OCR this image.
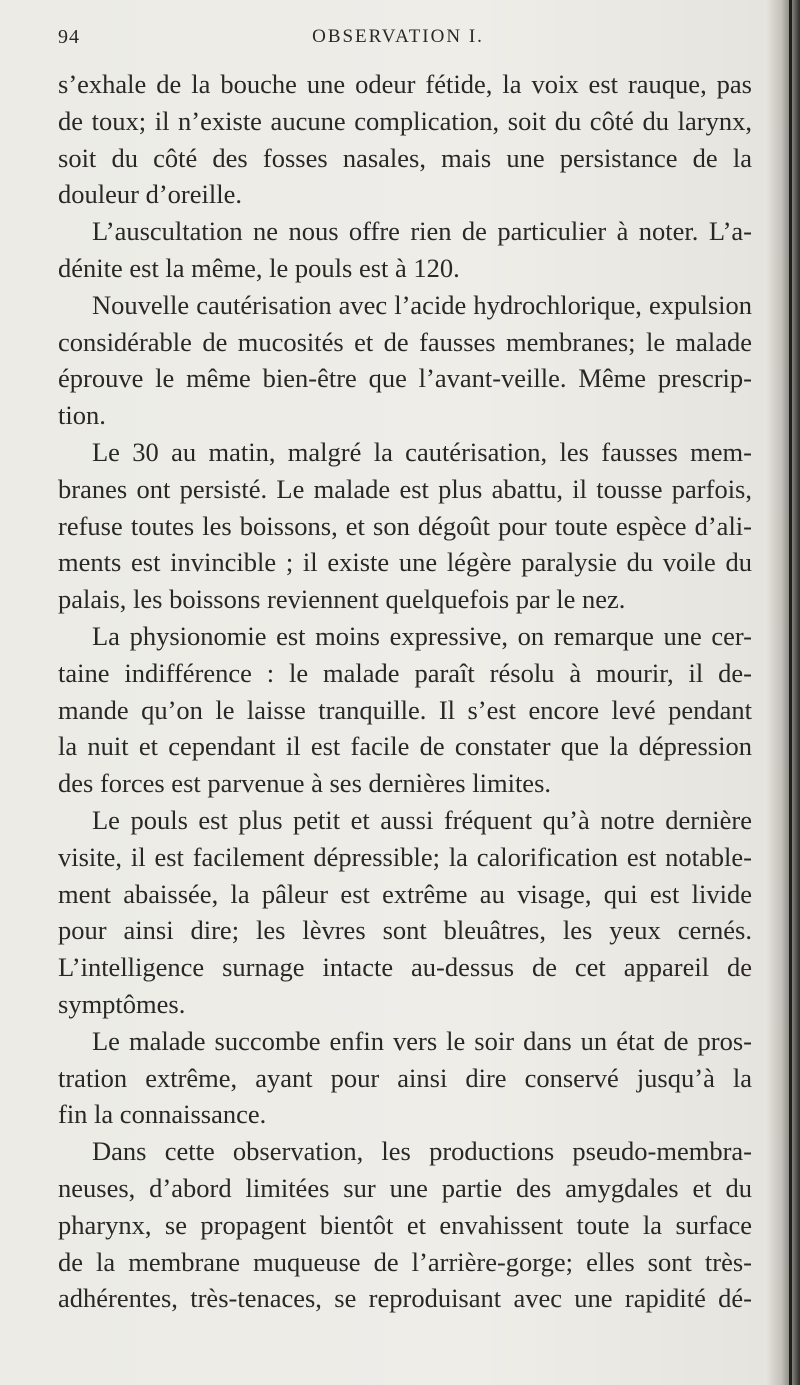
94	OBSERVATION I.
s’exhale de la bouche une odeur fétide, la voix est rauque, pas
de toux; il n’existe aucune complication, soit du côté du larynx,
soit du côté des fosses nasales, mais une persistance de la
douleur d’oreille.
L’auscultation ne nous offre rien de particulier à noter. L’a-
dénite est la même, le pouls est à 120.
Nouvelle cautérisation avec l’acide hydrochlorique, expulsion
considérable de mucosités et de fausses membranes; le malade
éprouve le même bien-être que l’avant-veille. Même prescrip-
tion.
Le 30 au matin, malgré la cautérisation, les fausses mem-
branes ont persisté. Le malade est plus abattu, il tousse parfois,
refuse toutes les boissons, et son dégoût pour toute espèce d’ali-
ments est invincible ; il existe une légère paralysie du voile du
palais, les boissons reviennent quelquefois par le nez.
La physionomie est moins expressive, on remarque une cer-
taine indifférence : le malade paraît résolu à mourir, il de-
mande qu’on le laisse tranquille. Il s’est encore levé pendant
la nuit et cependant il est facile de constater que la dépression
des forces est parvenue à ses dernières limites.
Le pouls est plus petit et aussi fréquent qu’à notre dernière
visite, il est facilement dépressible; la calorification est notable-
ment abaissée, la pâleur est extrême au visage, qui est livide
pour ainsi dire; les lèvres sont bleuâtres, les yeux cernés.
L’intelligence surnage intacte au-dessus de cet appareil de
symptômes.
Le malade succombe enfin vers le soir dans un état de pros-
tration extrême, ayant pour ainsi dire conservé jusqu’à la
fin la connaissance.
Dans cette observation, les productions pseudo-membra-
neuses, d’abord limitées sur une partie des amygdales et du
pharynx, se propagent bientôt et envahissent toute la surface
de la membrane muqueuse de l’arrière-gorge; elles sont très-
adhérentes, très-tenaces, se reproduisant avec une rapidité dé-
